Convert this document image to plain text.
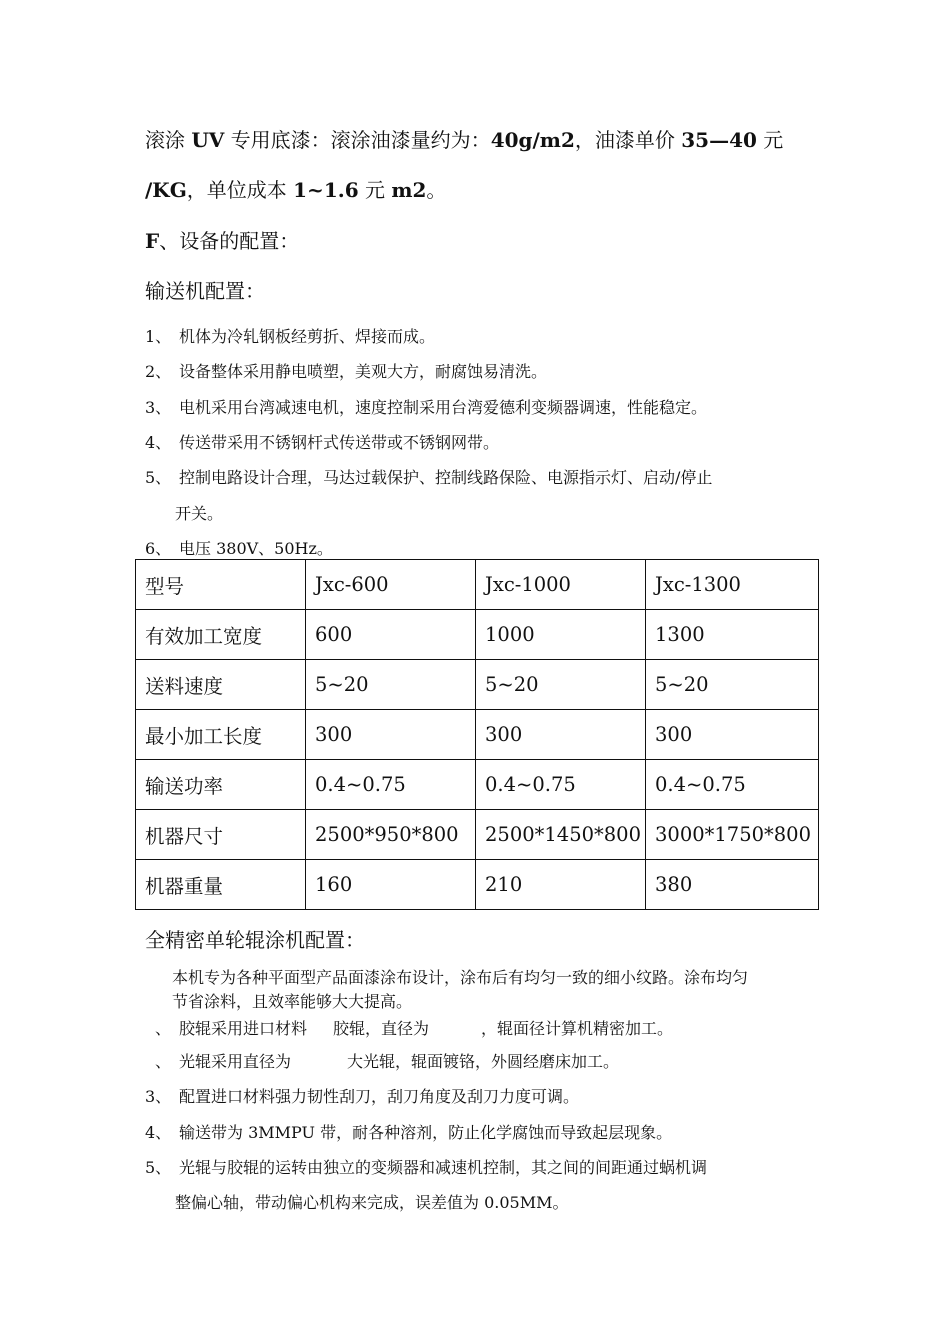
滚涂 UV 专用底漆：滚涂油漆量约为：40g/m2，油漆单价 35—40 元
/KG，单位成本 1~1.6 元 m2。
F、设备的配置：
输送机配置：
1、 机体为冷轧钢板经剪折、焊接而成。
2、 设备整体采用静电喷塑，美观大方，耐腐蚀易清洗。
3、 电机采用台湾减速电机，速度控制采用台湾爱德利变频器调速，性能稳定。
4、 传送带采用不锈钢杆式传送带或不锈钢网带。
5、 控制电路设计合理，马达过载保护、控制线路保险、电源指示灯、启动/停止
开关。
6、 电压 380V、50Hz。
型号	Jxc-600	Jxc-1000	Jxc-1300
有效加工宽度	600	1000	1300
送料速度	5~20	5~20	5~20
最小加工长度	300	300	300
输送功率	0.4~0.75	0.4~0.75	0.4~0.75
机器尺寸	2500*950*800	2500*1450*800	3000*1750*800
机器重量	160	210	380
全精密单轮辊涂机配置：
本机专为各种平面型产品面漆涂布设计，涂布后有均匀一致的细小纹路。涂布均匀
节省涂料，且效率能够大大提高。
、 胶辊采用进口材料 胶辊，直径为	，辊面径计算机精密加工。
、 光辊采用直径为	大光辊，辊面镀铬，外圆经磨床加工。
3、 配置进口材料强力韧性刮刀，刮刀角度及刮刀力度可调。
4、 输送带为 3MMPU 带，耐各种溶剂，防止化学腐蚀而导致起层现象。
5、 光辊与胶辊的运转由独立的变频器和减速机控制，其之间的间距通过蜗机调
整偏心轴，带动偏心机构来完成，误差值为 0.05MM。
